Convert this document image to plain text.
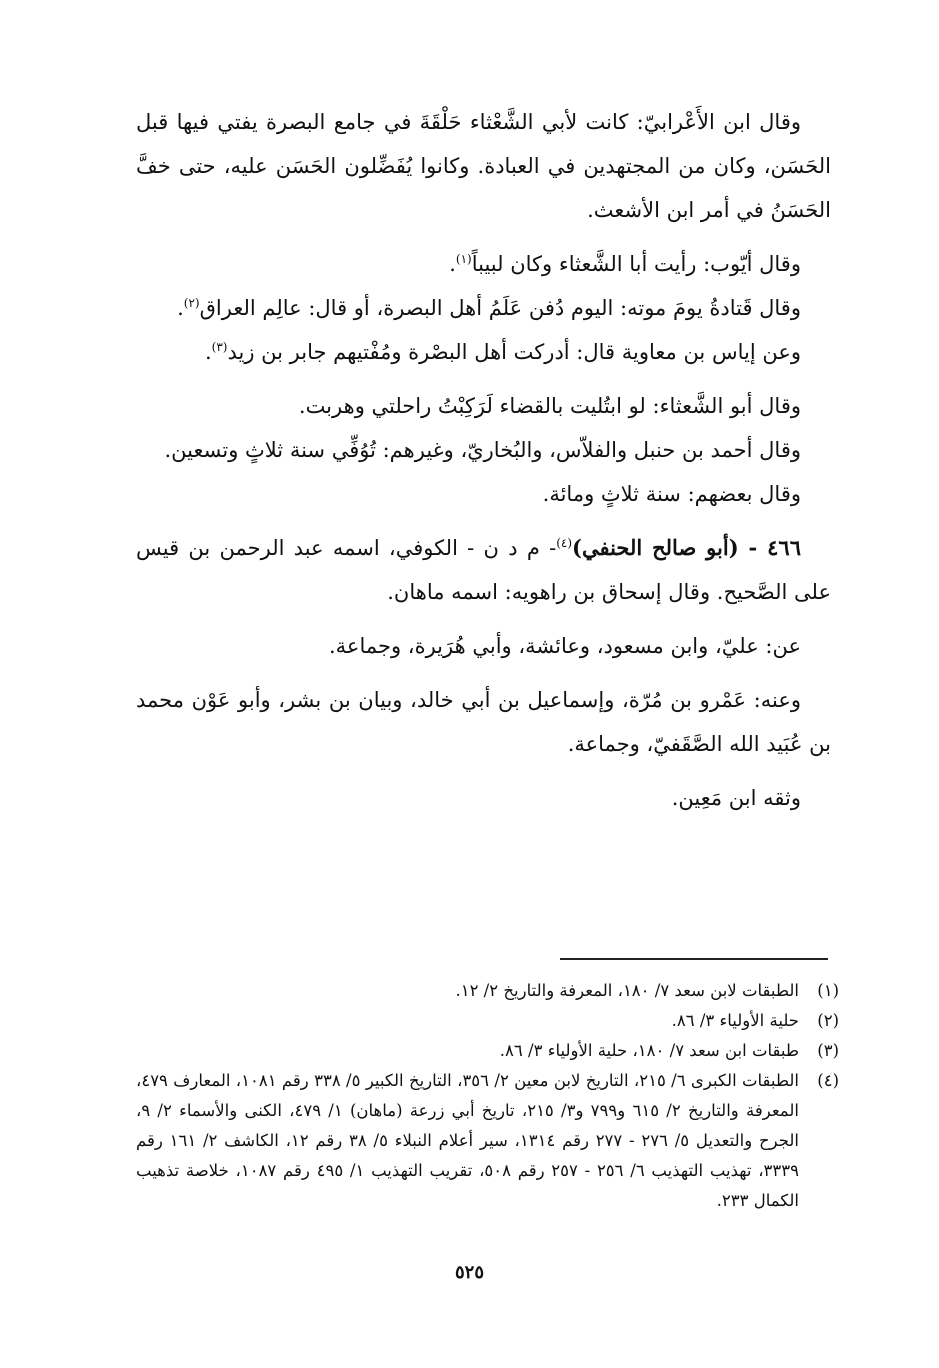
وقال ابن الأَعْرابيّ: كانت لأبي الشَّعْثاء حَلْقَةَ في جامع البصرة يفتي فيها قبل الحَسَن، وكان من المجتهدين في العبادة. وكانوا يُفَضِّلون الحَسَن عليه، حتى خفَّ الحَسَنُ في أمر ابن الأشعث.

وقال أيّوب: رأيت أبا الشَّعثاء وكان لبيباً$^{(١)}$.

وقال قَتادةُ يومَ موته: اليوم دُفن عَلَمُ أهل البصرة، أو قال: عالِم العراق$^{(٢)}$.

وعن إياس بن معاوية قال: أدركت أهل البصْرة ومُفْتيهم جابر بن زيد$^{(٣)}$.

وقال أبو الشَّعثاء: لو ابتُليت بالقضاء لَرَكِبْتُ راحلتي وهربت.

وقال أحمد بن حنبل والفلاّس، والبُخاريّ، وغيرهم: تُوُفِّي سنة ثلاثٍ وتسعين.

وقال بعضهم: سنة ثلاثٍ ومائة.

٤٦٦ - (أبو صالح الحنفي)$^{(٤)}$- م د ن - الكوفي، اسمه عبد الرحمن بن قيس على الصَّحيح. وقال إسحاق بن راهويه: اسمه ماهان.

عن: عليّ، وابن مسعود، وعائشة، وأبي هُرَيرة، وجماعة.

وعنه: عَمْرو بن مُرّة، وإسماعيل بن أبي خالد، وبيان بن بشر، وأبو عَوْن محمد بن عُبَيد الله الصَّقَفيّ، وجماعة.

وثقه ابن مَعِين.

(١)
الطبقات لابن سعد ٧/ ١٨٠، المعرفة والتاريخ ٢/ ١٢.

(٢)
حلية الأولياء ٣/ ٨٦.

(٣)
طبقات ابن سعد ٧/ ١٨٠، حلية الأولياء ٣/ ٨٦.

(٤)
الطبقات الكبرى ٦/ ٢١٥، التاريخ لابن معين ٢/ ٣٥٦، التاريخ الكبير ٥/ ٣٣٨ رقم ١٠٨١، المعارف ٤٧٩، المعرفة والتاريخ ٢/ ٦١٥ و٧٩٩ و٣/ ٢١٥، تاريخ أبي زرعة (ماهان) ١/ ٤٧٩، الكنى والأسماء ٢/ ٩، الجرح والتعديل ٥/ ٢٧٦ - ٢٧٧ رقم ١٣١٤، سير أعلام النبلاء ٥/ ٣٨ رقم ١٢، الكاشف ٢/ ١٦١ رقم ٣٣٣٩، تهذيب التهذيب ٦/ ٢٥٦ - ٢٥٧ رقم ٥٠٨، تقريب التهذيب ١/ ٤٩٥ رقم ١٠٨٧، خلاصة تذهيب الكمال ٢٣٣.

٥٢٥
